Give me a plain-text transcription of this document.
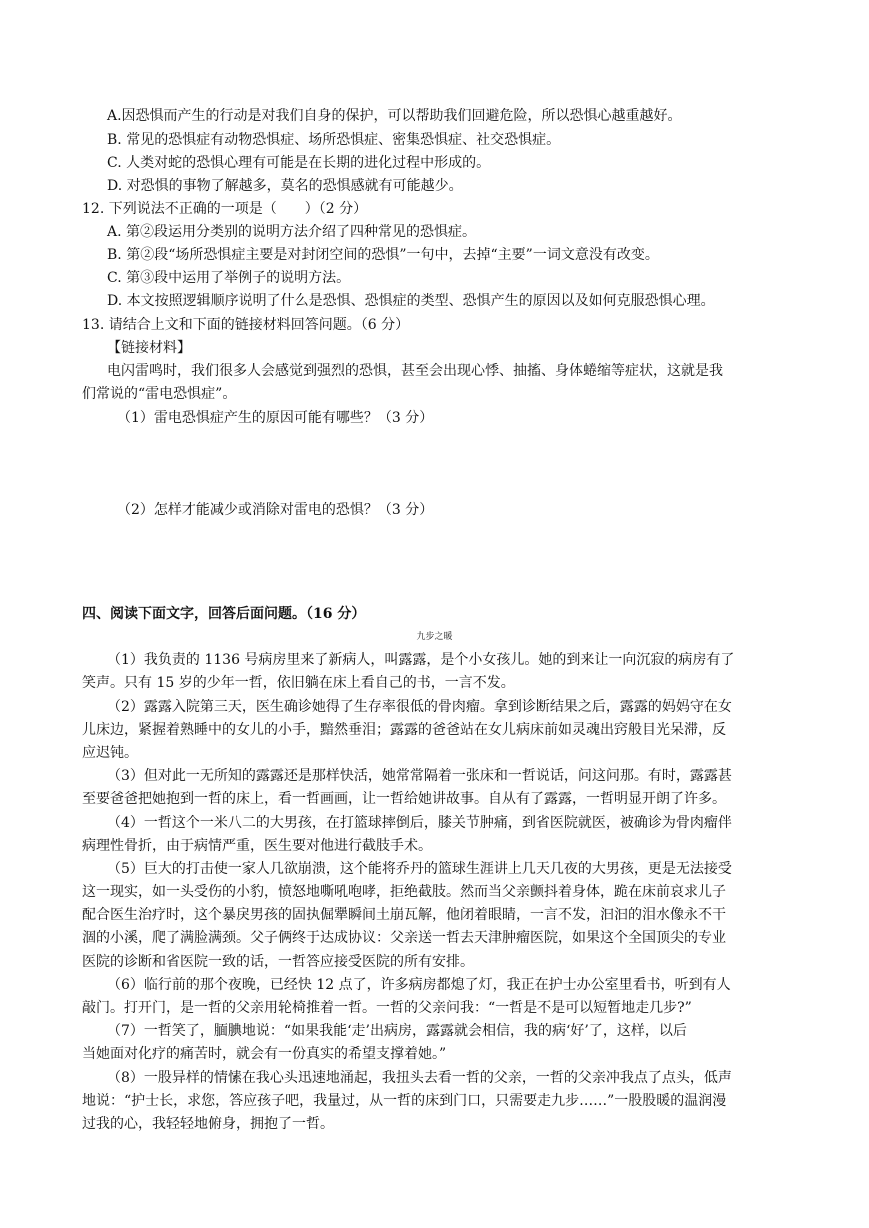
A.因恐惧而产生的行动是对我们自身的保护，可以帮助我们回避危险，所以恐惧心越重越好。
B. 常见的恐惧症有动物恐惧症、场所恐惧症、密集恐惧症、社交恐惧症。
C. 人类对蛇的恐惧心理有可能是在长期的进化过程中形成的。
D. 对恐惧的事物了解越多，莫名的恐惧感就有可能越少。
12. 下列说法不正确的一项是（　　）（2 分）
A. 第②段运用分类别的说明方法介绍了四种常见的恐惧症。
B. 第②段“场所恐惧症主要是对封闭空间的恐惧”一句中，去掉“主要”一词文意没有改变。
C. 第③段中运用了举例子的说明方法。
D. 本文按照逻辑顺序说明了什么是恐惧、恐惧症的类型、恐惧产生的原因以及如何克服恐惧心理。
13. 请结合上文和下面的链接材料回答问题。（6 分）
【链接材料】
电闪雷鸣时，我们很多人会感觉到强烈的恐惧，甚至会出现心悸、抽搐、身体蜷缩等症状，这就是我
们常说的“雷电恐惧症”。
（1）雷电恐惧症产生的原因可能有哪些？（3 分）
（2）怎样才能减少或消除对雷电的恐惧？（3 分）
四、阅读下面文字，回答后面问题。（16 分）
九步之暖
（1）我负责的 1136 号病房里来了新病人，叫露露，是个小女孩儿。她的到来让一向沉寂的病房有了
笑声。只有 15 岁的少年一哲，依旧躺在床上看自己的书，一言不发。
（2）露露入院第三天，医生确诊她得了生存率很低的骨肉瘤。拿到诊断结果之后，露露的妈妈守在女
儿床边，紧握着熟睡中的女儿的小手，黯然垂泪；露露的爸爸站在女儿病床前如灵魂出窍般目光呆滞，反
应迟钝。
（3）但对此一无所知的露露还是那样快活，她常常隔着一张床和一哲说话，问这问那。有时，露露甚
至要爸爸把她抱到一哲的床上，看一哲画画，让一哲给她讲故事。自从有了露露，一哲明显开朗了许多。
（4）一哲这个一米八二的大男孩，在打篮球摔倒后，膝关节肿痛，到省医院就医，被确诊为骨肉瘤伴
病理性骨折，由于病情严重，医生要对他进行截肢手术。
（5）巨大的打击使一家人几欲崩溃，这个能将乔丹的篮球生涯讲上几天几夜的大男孩，更是无法接受
这一现实，如一头受伤的小豹，愤怒地嘶吼咆哮，拒绝截肢。然而当父亲颤抖着身体，跪在床前哀求儿子
配合医生治疗时，这个暴戾男孩的固执倔犟瞬间土崩瓦解，他闭着眼睛，一言不发，汩汩的泪水像永不干
涸的小溪，爬了满脸满颈。父子俩终于达成协议：父亲送一哲去天津肿瘤医院，如果这个全国顶尖的专业
医院的诊断和省医院一致的话，一哲答应接受医院的所有安排。
（6）临行前的那个夜晚，已经快 12 点了，许多病房都熄了灯，我正在护士办公室里看书，听到有人
敲门。打开门，是一哲的父亲用轮椅推着一哲。一哲的父亲问我：“一哲是不是可以短暂地走几步?”
（7）一哲笑了，腼腆地说：“如果我能‘走’出病房，露露就会相信，我的病‘好’了，这样，以后
当她面对化疗的痛苦时，就会有一份真实的希望支撑着她。”
（8）一股异样的情愫在我心头迅速地涌起，我扭头去看一哲的父亲，一哲的父亲冲我点了点头，低声
地说：“护士长，求您，答应孩子吧，我量过，从一哲的床到门口，只需要走九步……”一股股暖的温润漫
过我的心，我轻轻地俯身，拥抱了一哲。
